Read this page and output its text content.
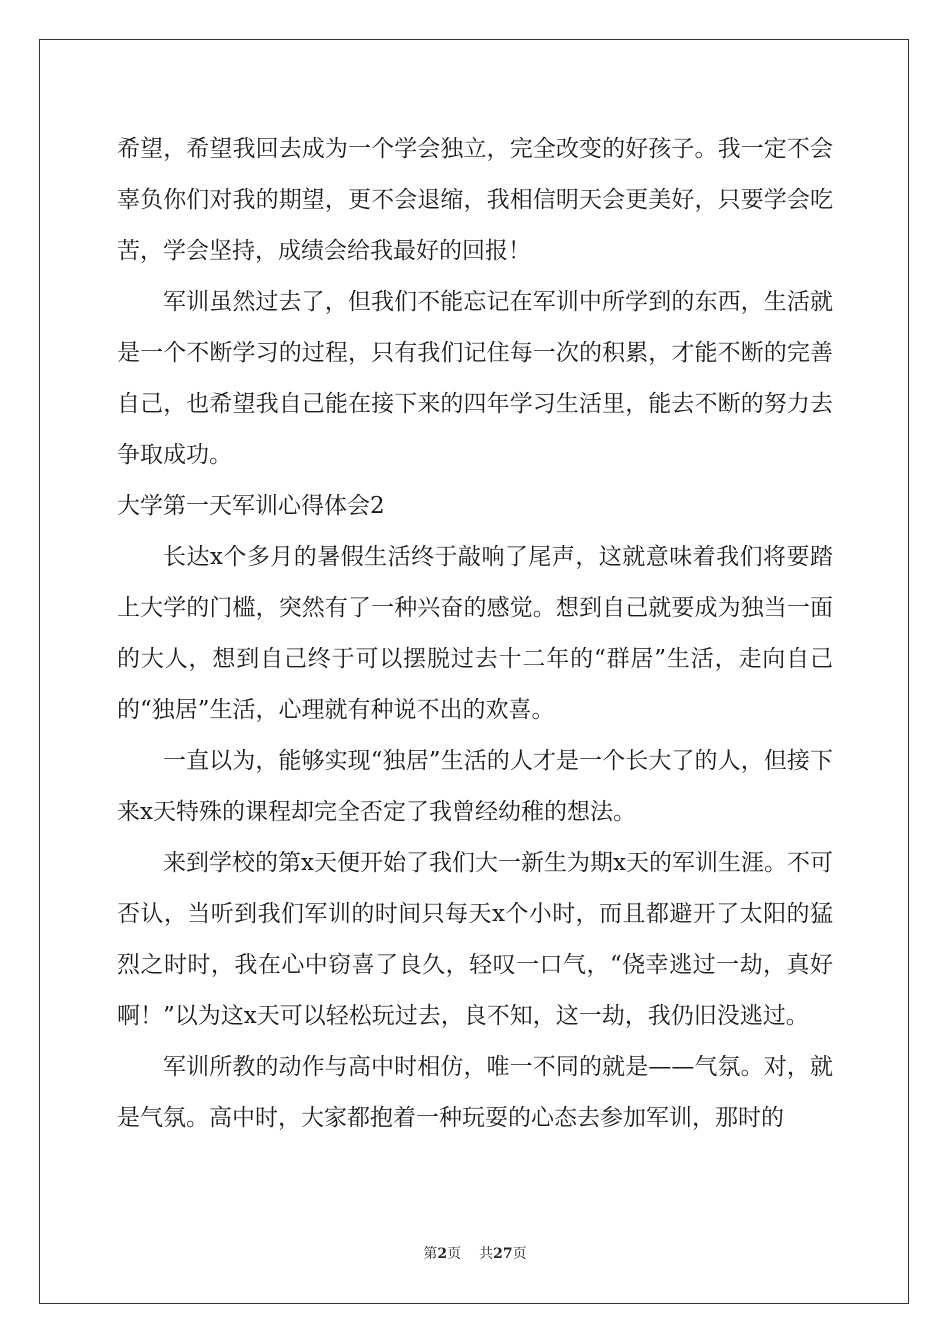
希望，希望我回去成为一个学会独立，完全改变的好孩子。我一定不会辜负你们对我的期望，更不会退缩，我相信明天会更美好，只要学会吃苦，学会坚持，成绩会给我最好的回报！

军训虽然过去了，但我们不能忘记在军训中所学到的东西，生活就是一个不断学习的过程，只有我们记住每一次的积累，才能不断的完善自己，也希望我自己能在接下来的四年学习生活里，能去不断的努力去争取成功。

大学第一天军训心得体会2

长达x个多月的暑假生活终于敲响了尾声，这就意味着我们将要踏上大学的门槛，突然有了一种兴奋的感觉。想到自己就要成为独当一面的大人，想到自己终于可以摆脱过去十二年的“群居”生活，走向自己的“独居”生活，心理就有种说不出的欢喜。

一直以为，能够实现“独居”生活的人才是一个长大了的人，但接下来x天特殊的课程却完全否定了我曾经幼稚的想法。

来到学校的第x天便开始了我们大一新生为期x天的军训生涯。不可否认，当听到我们军训的时间只每天x个小时，而且都避开了太阳的猛烈之时时，我在心中窃喜了良久，轻叹一口气，“侥幸逃过一劫，真好啊！”以为这x天可以轻松玩过去，良不知，这一劫，我仍旧没逃过。

军训所教的动作与高中时相仿，唯一不同的就是——气氛。对，就是气氛。高中时，大家都抱着一种玩耍的心态去参加军训，那时的

第2页 共27页
